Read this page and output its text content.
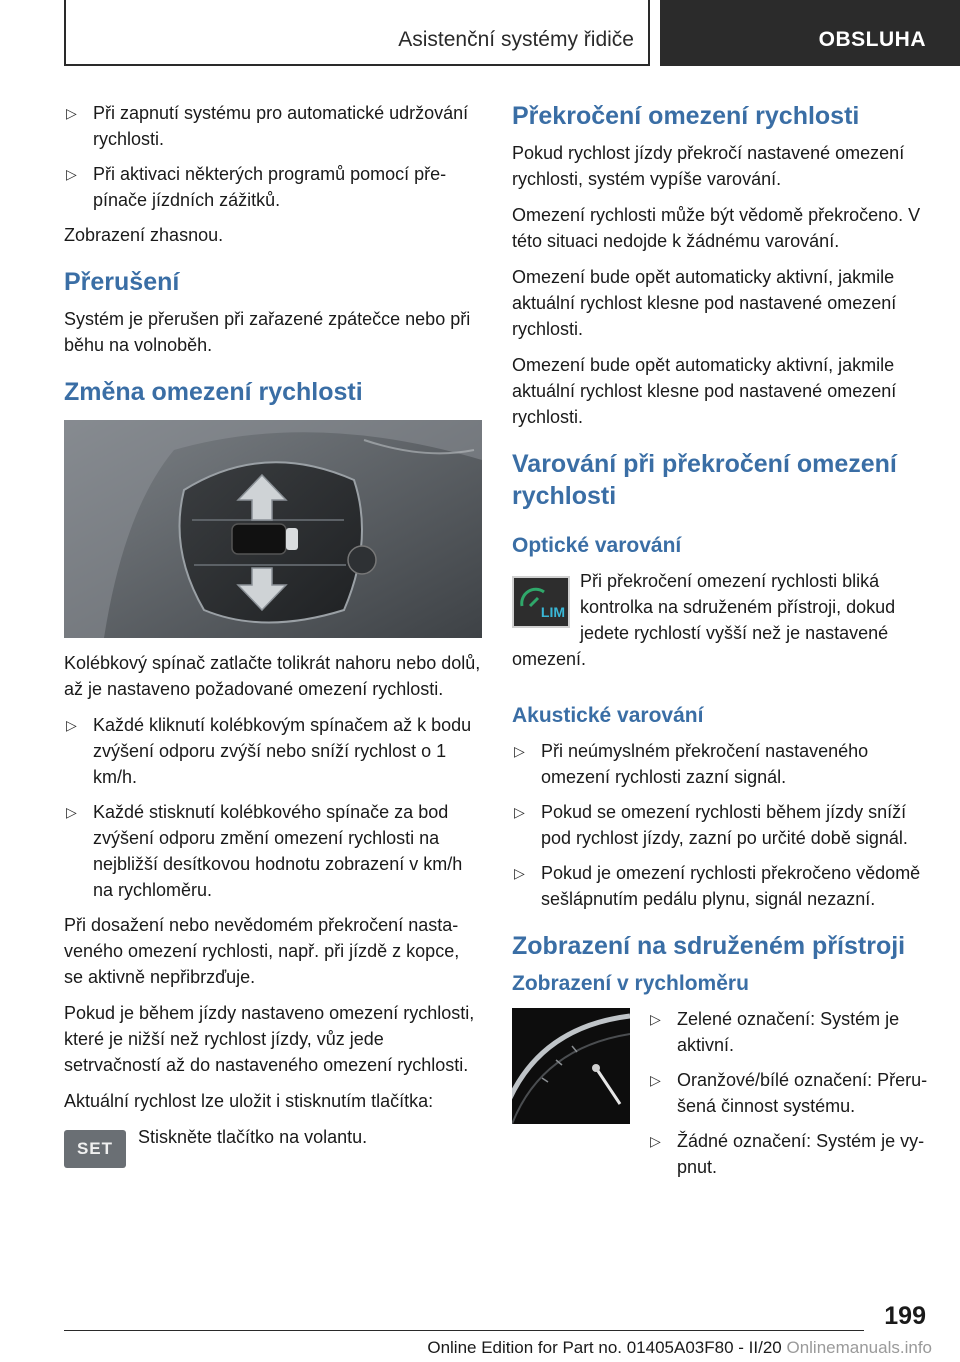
Asistenční systémy řidiče	OBSLUHA
▷ Při zapnutí systému pro automatické udržování rychlosti.
▷ Při aktivaci některých programů pomocí přepínače jízdních zážitků.

Zobrazení zhasnou.

Přerušení

Systém je přerušen při zařazené zpátečce nebo při běhu na volnoběh.

Změna omezení rychlosti

Kolébkový spínač zatlačte tolikrát nahoru nebo dolů, až je nastaveno požadované omezení rychlosti.

▷ Každé kliknutí kolébkovým spínačem až k bodu zvýšení odporu zvýší nebo sníží rychlost o 1 km/h.
▷ Každé stisknutí kolébkového spínače za bod zvýšení odporu změní omezení rychlosti na nejbližší desítkovou hodnotu zobrazení v km/h na rychloměru.

Při dosažení nebo nevědomém překročení nastaveného omezení rychlosti, např. při jízdě z kopce, se aktivně nepřibrzďuje.

Pokud je během jízdy nastaveno omezení rychlosti, které je nižší než rychlost jízdy, vůz jede setrvačností až do nastaveného omezení rychlosti.

Aktuální rychlost lze uložit i stisknutím tlačítka:

SET

Stiskněte tlačítko na volantu.

Překročení omezení rychlosti

Pokud rychlost jízdy překročí nastavené omezení rychlosti, systém vypíše varování.

Omezení rychlosti může být vědomě překročeno. V této situaci nedojde k žádnému varování.

Omezení bude opět automaticky aktivní, jakmile aktuální rychlost klesne pod nastavené omezení rychlosti.

Omezení bude opět automaticky aktivní, jakmile aktuální rychlost klesne pod nastavené omezení rychlosti.

Varování při překročení omezení rychlosti
Optické varování
LIM

Při překročení omezení rychlosti bliká kontrolka na sdruženém přístroji, dokud jedete rychlostí vyšší než je nastavené omezení.

Akustické varování
▷ Při neúmyslném překročení nastaveného omezení rychlosti zazní signál.
▷ Pokud se omezení rychlosti během jízdy sníží pod rychlost jízdy, zazní po určité době signál.
▷ Pokud je omezení rychlosti překročeno vědomě sešlápnutím pedálu plynu, signál nezazní.
Zobrazení na sdruženém přístroji
Zobrazení v rychloměru
▷ Zelené označení: Systém je aktivní.
▷ Oranžové/bílé označení: Přerušená činnost systému.
▷ Žádné označení: Systém je vypnut.
199
Online Edition for Part no. 01405A03F80 - II/20 Onlinemanuals.info
